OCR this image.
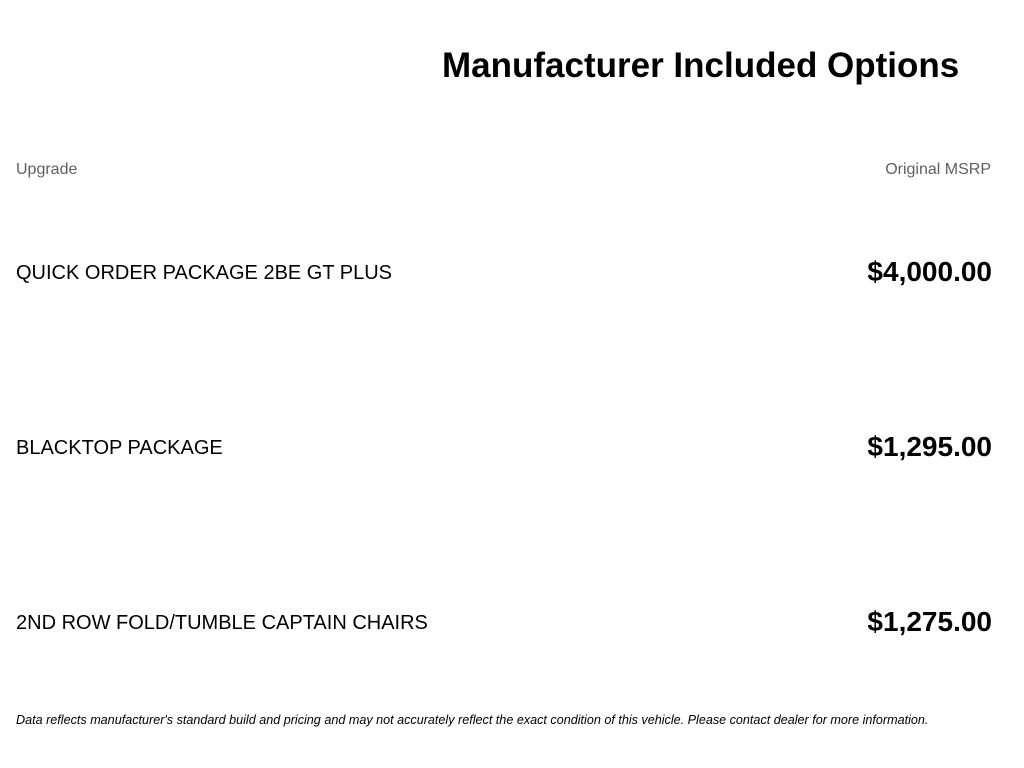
Manufacturer Included Options
Upgrade	Original MSRP
QUICK ORDER PACKAGE 2BE GT PLUS	$4,000.00
BLACKTOP PACKAGE	$1,295.00
2ND ROW FOLD/TUMBLE CAPTAIN CHAIRS	$1,275.00
Data reflects manufacturer's standard build and pricing and may not accurately reflect the exact condition of this vehicle. Please contact dealer for more information.
